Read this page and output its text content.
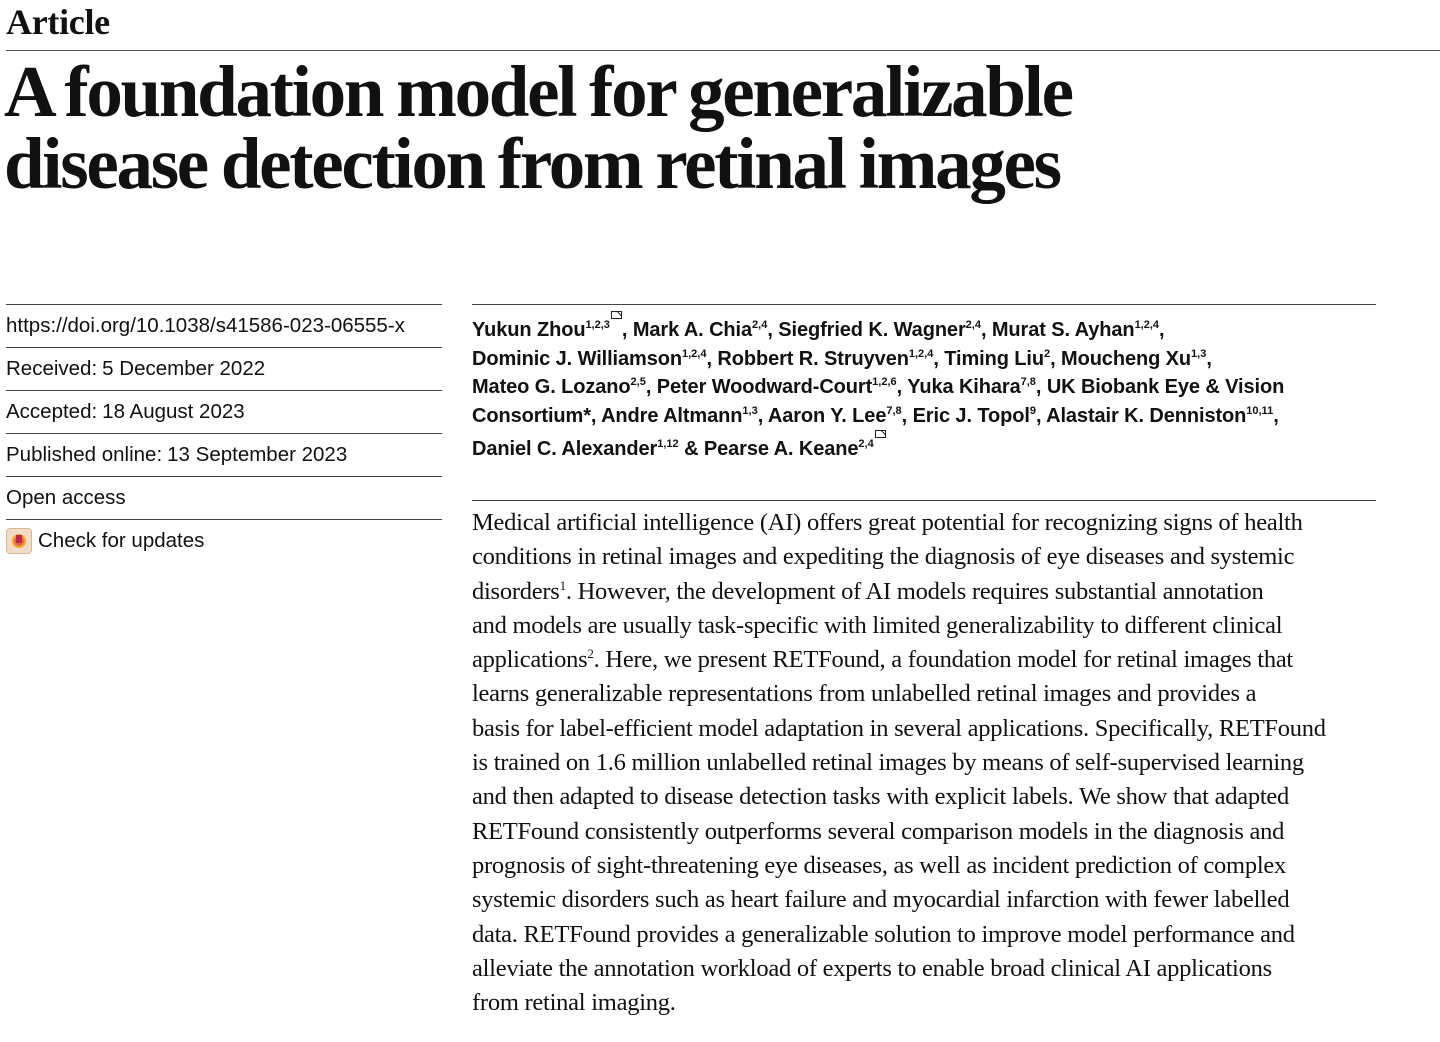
Article
A foundation model for generalizable
disease detection from retinal images
https://doi.org/10.1038/s41586-023-06555-x
Received: 5 December 2022
Accepted: 18 August 2023
Published online: 13 September 2023
Open access
Check for updates
Yukun Zhou$^{1,2,3}$ , Mark A. Chia$^{2,4}$, Siegfried K. Wagner$^{2,4}$, Murat S. Ayhan$^{1,2,4}$,
Dominic J. Williamson$^{1,2,4}$, Robbert R. Struyven$^{1,2,4}$, Timing Liu$^2$, Moucheng Xu$^{1,3}$,
Mateo G. Lozano$^{2,5}$, Peter Woodward-Court$^{1,2,6}$, Yuka Kihara$^{7,8}$, UK Biobank Eye & Vision
Consortium*, Andre Altmann$^{1,3}$, Aaron Y. Lee$^{7,8}$, Eric J. Topol$^9$, Alastair K. Denniston$^{10,11}$,
Daniel C. Alexander$^{1,12}$ & Pearse A. Keane$^{2,4}$
Medical artificial intelligence (AI) offers great potential for recognizing signs of health
conditions in retinal images and expediting the diagnosis of eye diseases and systemic
disorders$^1$. However, the development of AI models requires substantial annotation
and models are usually task-specific with limited generalizability to different clinical
applications$^2$. Here, we present RETFound, a foundation model for retinal images that
learns generalizable representations from unlabelled retinal images and provides a
basis for label-efficient model adaptation in several applications. Specifically, RETFound
is trained on 1.6 million unlabelled retinal images by means of self-supervised learning
and then adapted to disease detection tasks with explicit labels. We show that adapted
RETFound consistently outperforms several comparison models in the diagnosis and
prognosis of sight-threatening eye diseases, as well as incident prediction of complex
systemic disorders such as heart failure and myocardial infarction with fewer labelled
data. RETFound provides a generalizable solution to improve model performance and
alleviate the annotation workload of experts to enable broad clinical AI applications
from retinal imaging.
